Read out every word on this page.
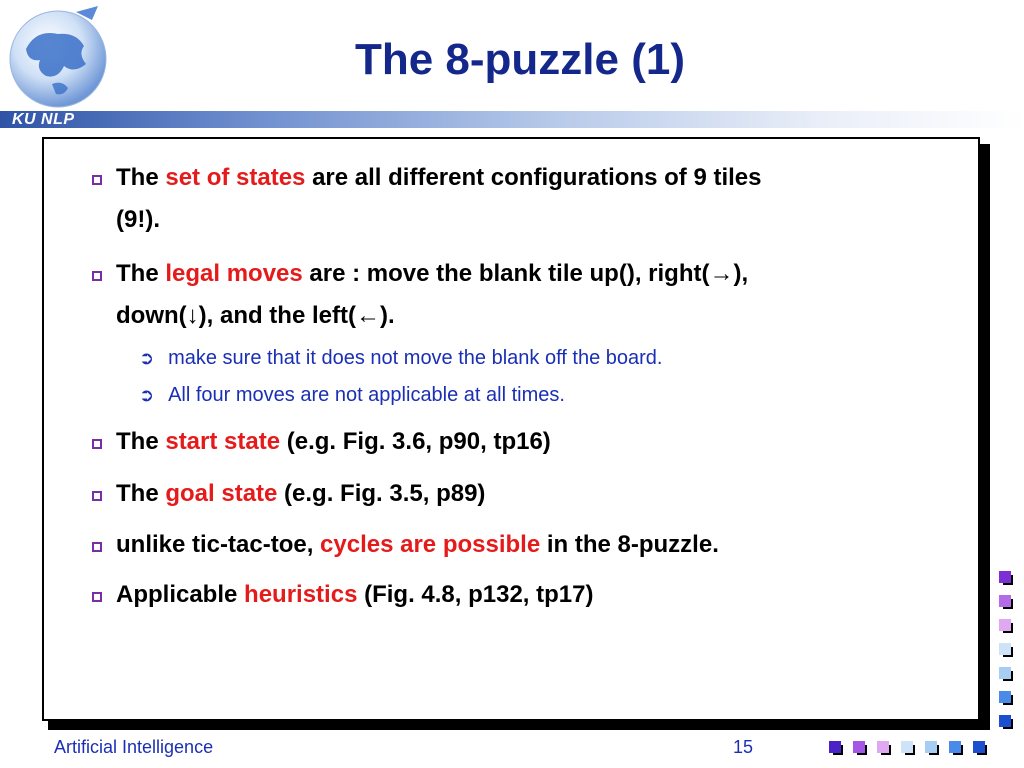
KU NLP
The 8-puzzle (1)
The set of states are all different configurations of 9 tiles
(9!).
The legal moves are : move the blank tile up(), right(→),
down(↓), and the left(←).
➲ make sure that it does not move the blank off the board.
➲ All four moves are not applicable at all times.
The start state (e.g. Fig. 3.6, p90, tp16)
The goal state (e.g. Fig. 3.5, p89)
unlike tic-tac-toe, cycles are possible in the 8-puzzle.
Applicable heuristics (Fig. 4.8, p132, tp17)
Artificial Intelligence	15
